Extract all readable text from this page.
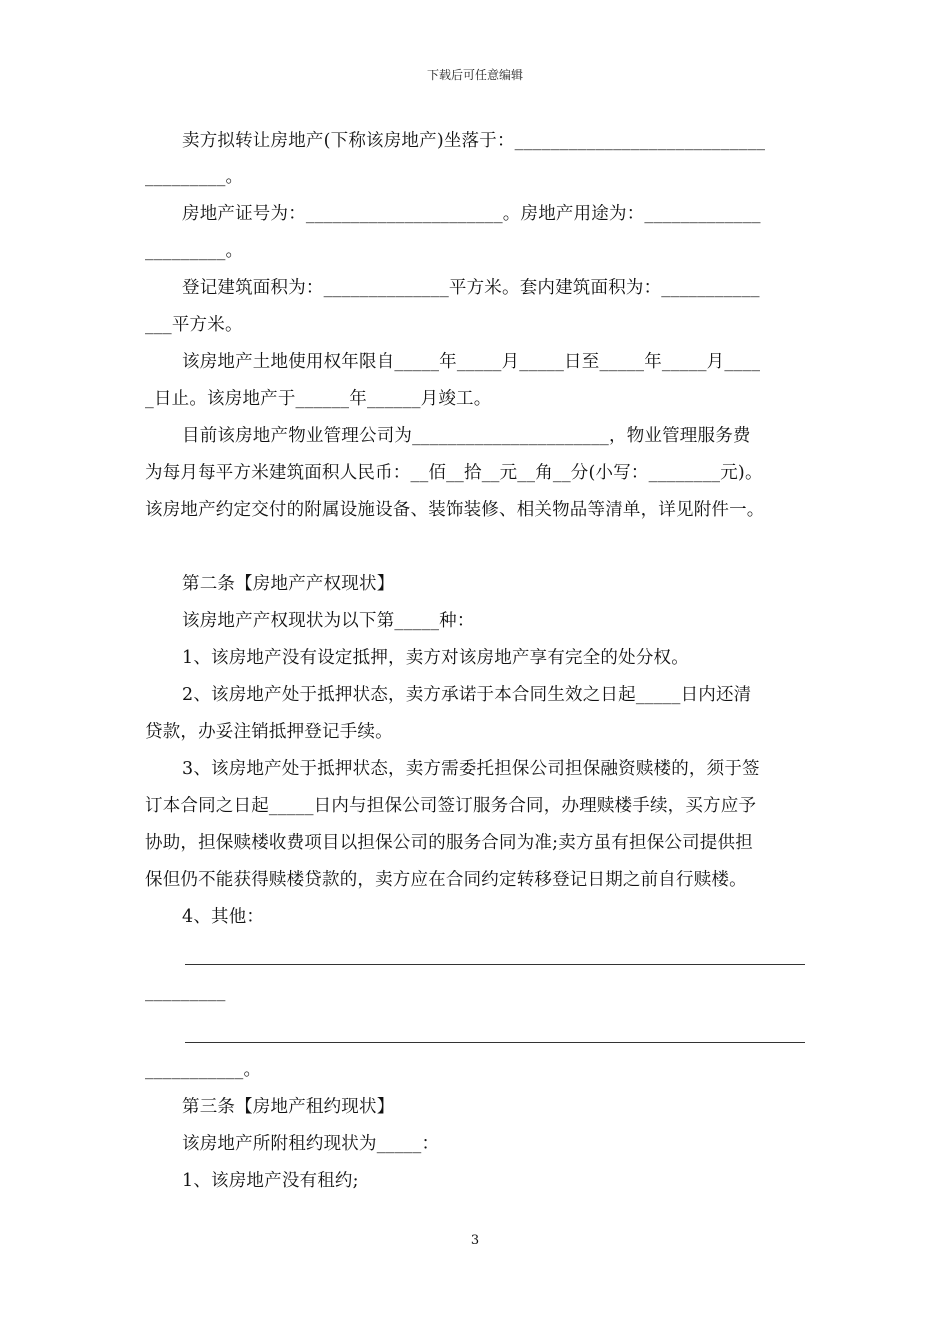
下载后可任意编辑
卖方拟转让房地产(下称该房地产)坐落于：____________________________
_________。
房地产证号为：______________________。房地产用途为：_____________
_________。
登记建筑面积为：______________平方米。套内建筑面积为：___________
___平方米。
该房地产土地使用权年限自_____年_____月_____日至_____年_____月____
_日止。该房地产于______年______月竣工。
目前该房地产物业管理公司为______________________，物业管理服务费
为每月每平方米建筑面积人民币：__佰__拾__元__角__分(小写：________元)。
该房地产约定交付的附属设施设备、装饰装修、相关物品等清单，详见附件一。
第二条【房地产产权现状】
该房地产产权现状为以下第_____种：
1、该房地产没有设定抵押，卖方对该房地产享有完全的处分权。
2、该房地产处于抵押状态，卖方承诺于本合同生效之日起_____日内还清
贷款，办妥注销抵押登记手续。
3、该房地产处于抵押状态，卖方需委托担保公司担保融资赎楼的，须于签
订本合同之日起_____日内与担保公司签订服务合同，办理赎楼手续，买方应予
协助，担保赎楼收费项目以担保公司的服务合同为准;卖方虽有担保公司提供担
保但仍不能获得赎楼贷款的，卖方应在合同约定转移登记日期之前自行赎楼。
4、其他：
_________
___________。
第三条【房地产租约现状】
该房地产所附租约现状为_____：
1、该房地产没有租约;
3
